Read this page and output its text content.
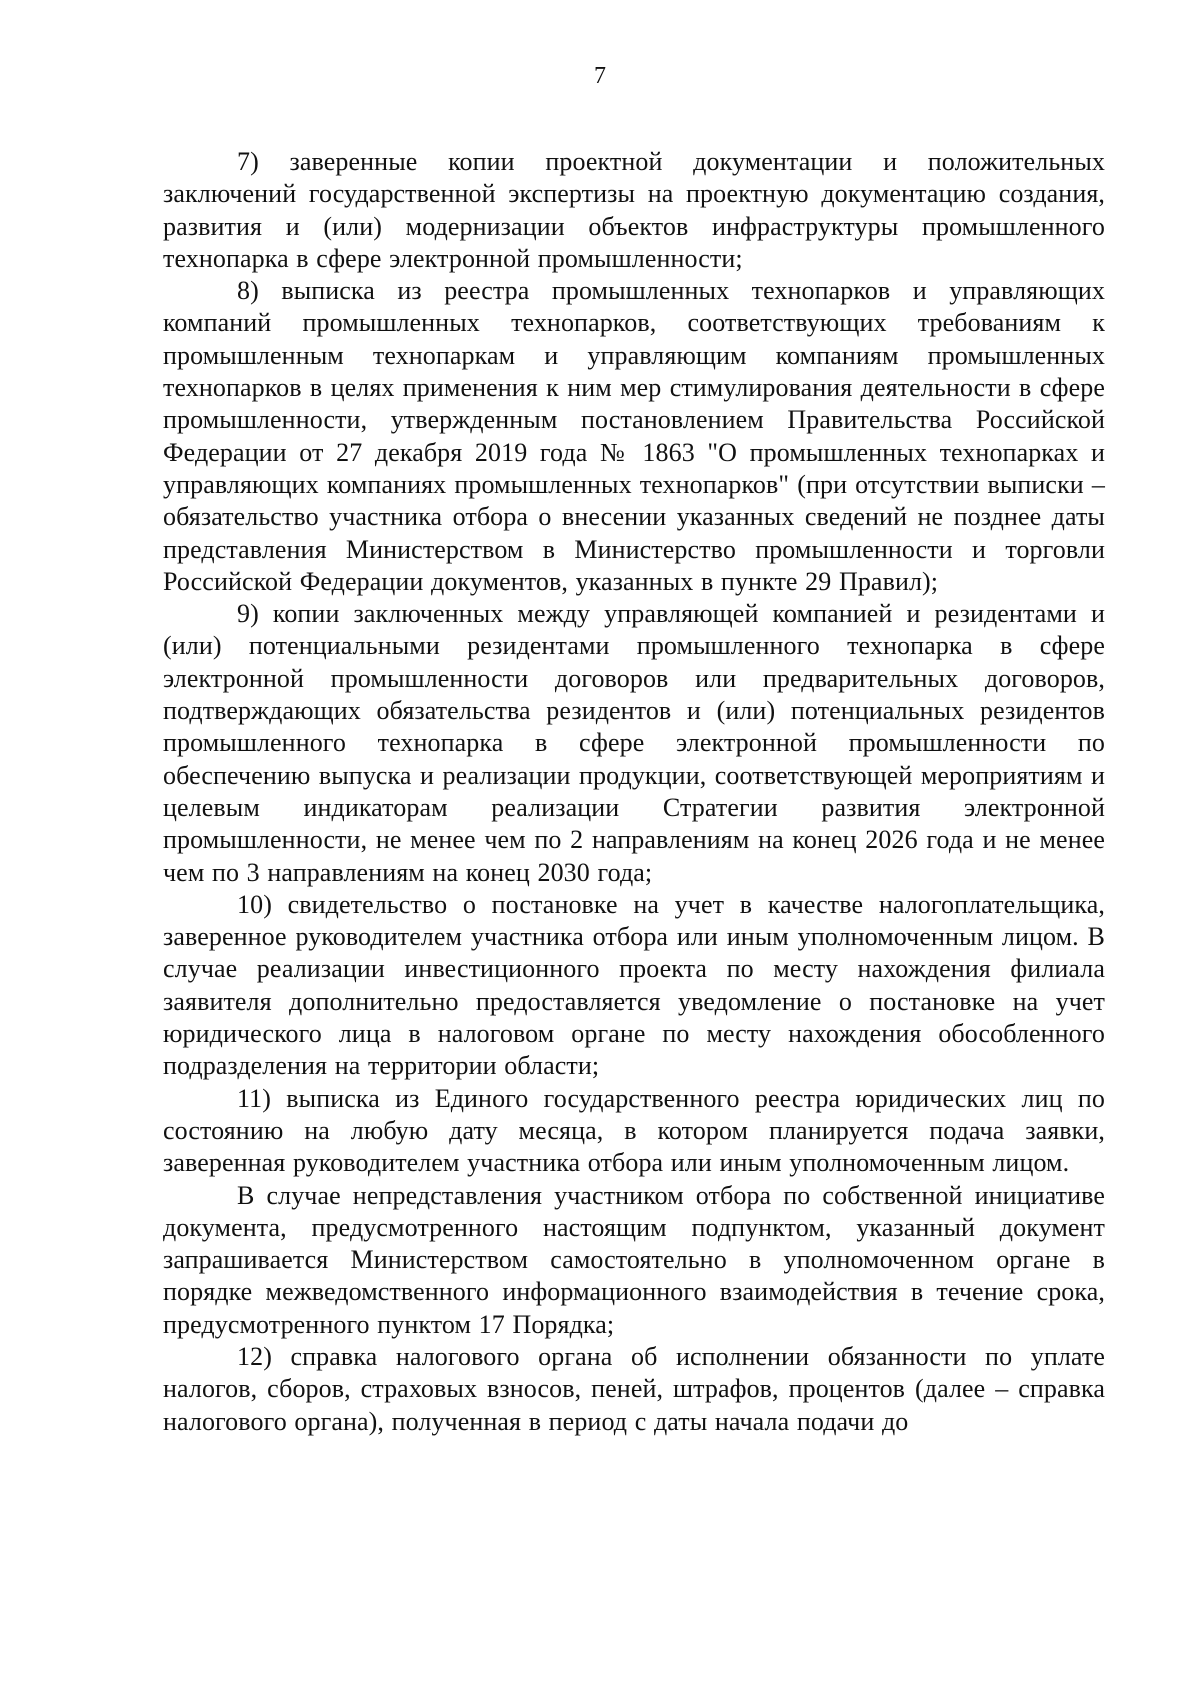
7

7) заверенные копии проектной документации и положительных заключений государственной экспертизы на проектную документацию создания, развития и (или) модернизации объектов инфраструктуры промышленного технопарка в сфере электронной промышленности;

8) выписка из реестра промышленных технопарков и управляющих компаний промышленных технопарков, соответствующих требованиям к промышленным технопаркам и управляющим компаниям промышленных технопарков в целях применения к ним мер стимулирования деятельности в сфере промышленности, утвержденным постановлением Правительства Российской Федерации от 27 декабря 2019 года № 1863 "О промышленных технопарках и управляющих компаниях промышленных технопарков" (при отсутствии выписки – обязательство участника отбора о внесении указанных сведений не позднее даты представления Министерством в Министерство промышленности и торговли Российской Федерации документов, указанных в пункте 29 Правил);

9) копии заключенных между управляющей компанией и резидентами и (или) потенциальными резидентами промышленного технопарка в сфере электронной промышленности договоров или предварительных договоров, подтверждающих обязательства резидентов и (или) потенциальных резидентов промышленного технопарка в сфере электронной промышленности по обеспечению выпуска и реализации продукции, соответствующей мероприятиям и целевым индикаторам реализации Стратегии развития электронной промышленности, не менее чем по 2 направлениям на конец 2026 года и не менее чем по 3 направлениям на конец 2030 года;

10) свидетельство о постановке на учет в качестве налогоплательщика, заверенное руководителем участника отбора или иным уполномоченным лицом. В случае реализации инвестиционного проекта по месту нахождения филиала заявителя дополнительно предоставляется уведомление о постановке на учет юридического лица в налоговом органе по месту нахождения обособленного подразделения на территории области;

11) выписка из Единого государственного реестра юридических лиц по состоянию на любую дату месяца, в котором планируется подача заявки, заверенная руководителем участника отбора или иным уполномоченным лицом.

В случае непредставления участником отбора по собственной инициативе документа, предусмотренного настоящим подпунктом, указанный документ запрашивается Министерством самостоятельно в уполномоченном органе в порядке межведомственного информационного взаимодействия в течение срока, предусмотренного пунктом 17 Порядка;

12) справка налогового органа об исполнении обязанности по уплате налогов, сборов, страховых взносов, пеней, штрафов, процентов (далее – справка налогового органа), полученная в период с даты начала подачи до
